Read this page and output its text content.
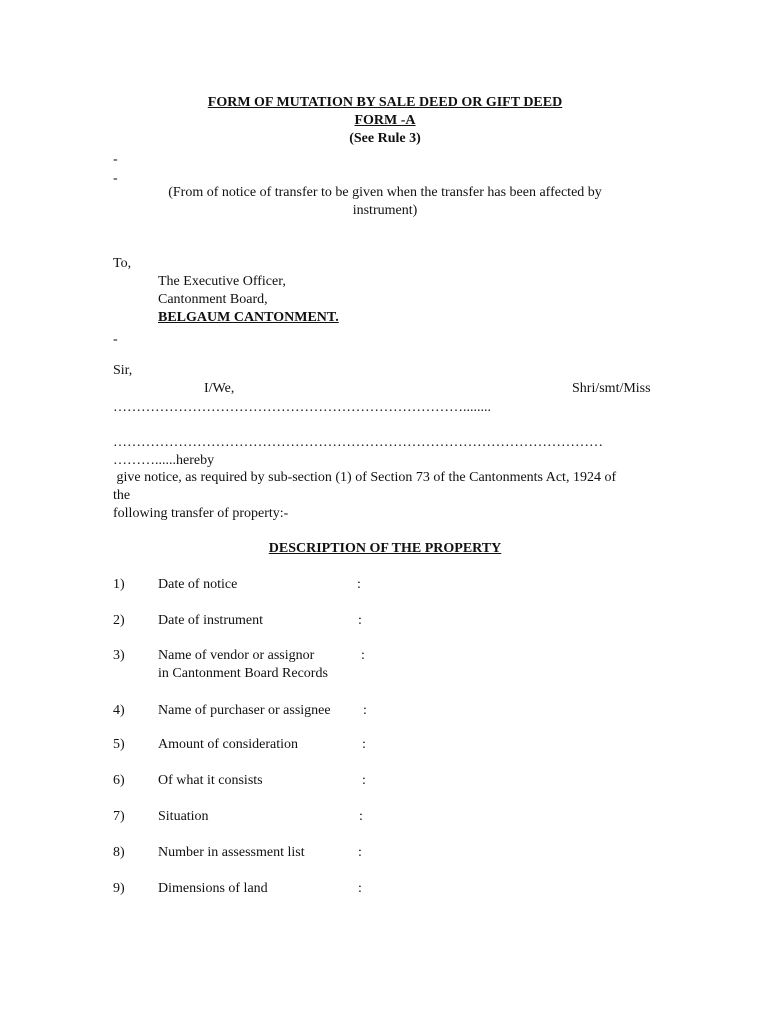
FORM OF MUTATION BY SALE DEED OR GIFT DEED
FORM -A
(See Rule 3)
-
-
(From of notice of transfer to be given when the transfer has been affected by
instrument)
To,
The Executive Officer,
Cantonment Board,
BELGAUM CANTONMENT.
-
Sir,
I/We,	Shri/smt/Miss
…………………………………………………………………........
……………………………………………………………………………………………
………......hereby
give notice, as required by sub-section (1) of Section 73 of the Cantonments Act, 1924 of
the
following transfer of property:-
DESCRIPTION OF THE PROPERTY
1) Date of notice	:
2) Date of instrument	:
3) Name of vendor or assignor
in Cantonment Board Records
:
4) Name of purchaser or assignee :
5) Amount of consideration	:
6) Of what it consists	:
7) Situation	:
8) Number in assessment list	:
9) Dimensions of land	:
